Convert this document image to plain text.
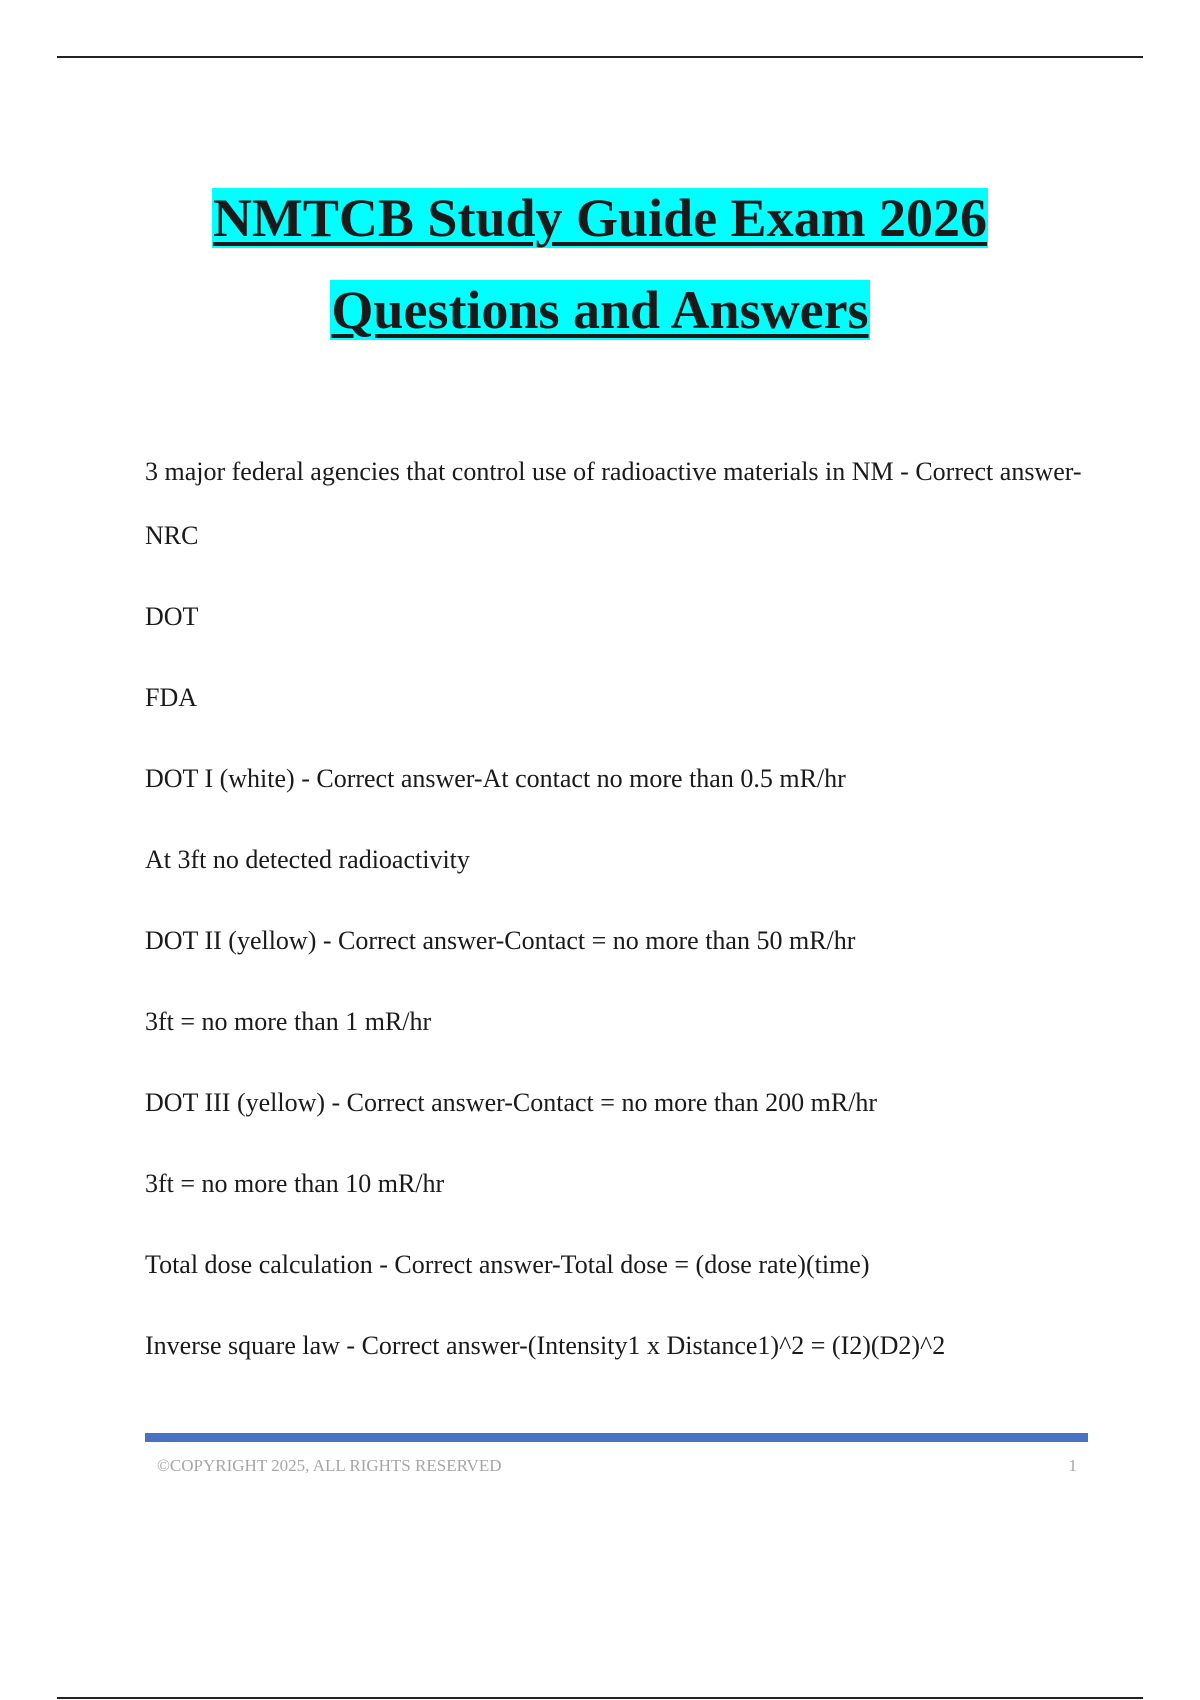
NMTCB Study Guide Exam 2026
Questions and Answers

3 major federal agencies that control use of radioactive materials in NM - Correct answer-NRC

DOT

FDA

DOT I (white) - Correct answer-At contact no more than 0.5 mR/hr

At 3ft no detected radioactivity

DOT II (yellow) - Correct answer-Contact = no more than 50 mR/hr

3ft = no more than 1 mR/hr

DOT III (yellow) - Correct answer-Contact = no more than 200 mR/hr

3ft = no more than 10 mR/hr

Total dose calculation - Correct answer-Total dose = (dose rate)(time)

Inverse square law - Correct answer-(Intensity1 x Distance1)^2 = (I2)(D2)^2

©COPYRIGHT 2025, ALL RIGHTS RESERVED	1
